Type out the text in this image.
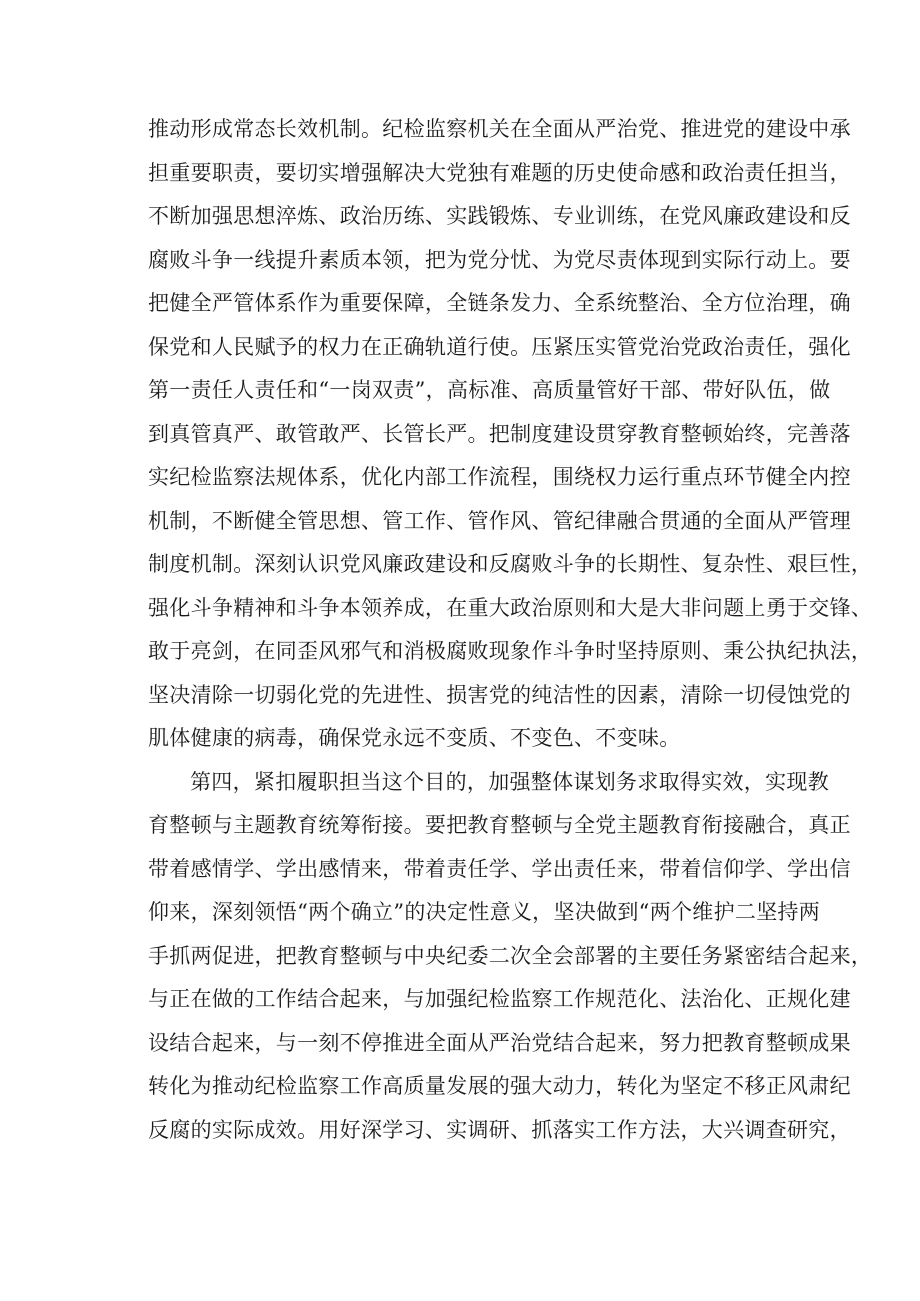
推动形成常态长效机制。纪检监察机关在全面从严治党、推进党的建设中承
担重要职责，要切实增强解决大党独有难题的历史使命感和政治责任担当，
不断加强思想淬炼、政治历练、实践锻炼、专业训练，在党风廉政建设和反
腐败斗争一线提升素质本领，把为党分忧、为党尽责体现到实际行动上。要
把健全严管体系作为重要保障，全链条发力、全系统整治、全方位治理，确
保党和人民赋予的权力在正确轨道行使。压紧压实管党治党政治责任，强化
第一责任人责任和“一岗双责”，高标准、高质量管好干部、带好队伍，做
到真管真严、敢管敢严、长管长严。把制度建设贯穿教育整顿始终，完善落
实纪检监察法规体系，优化内部工作流程，围绕权力运行重点环节健全内控
机制，不断健全管思想、管工作、管作风、管纪律融合贯通的全面从严管理
制度机制。深刻认识党风廉政建设和反腐败斗争的长期性、复杂性、艰巨性，
强化斗争精神和斗争本领养成，在重大政治原则和大是大非问题上勇于交锋、
敢于亮剑，在同歪风邪气和消极腐败现象作斗争时坚持原则、秉公执纪执法，
坚决清除一切弱化党的先进性、损害党的纯洁性的因素，清除一切侵蚀党的
肌体健康的病毒，确保党永远不变质、不变色、不变味。
第四，紧扣履职担当这个目的，加强整体谋划务求取得实效，实现教
育整顿与主题教育统筹衔接。要把教育整顿与全党主题教育衔接融合，真正
带着感情学、学出感情来，带着责任学、学出责任来，带着信仰学、学出信
仰来，深刻领悟“两个确立”的决定性意义，坚决做到“两个维护二坚持两
手抓两促进，把教育整顿与中央纪委二次全会部署的主要任务紧密结合起来，
与正在做的工作结合起来，与加强纪检监察工作规范化、法治化、正规化建
设结合起来，与一刻不停推进全面从严治党结合起来，努力把教育整顿成果
转化为推动纪检监察工作高质量发展的强大动力，转化为坚定不移正风肃纪
反腐的实际成效。用好深学习、实调研、抓落实工作方法，大兴调查研究，
